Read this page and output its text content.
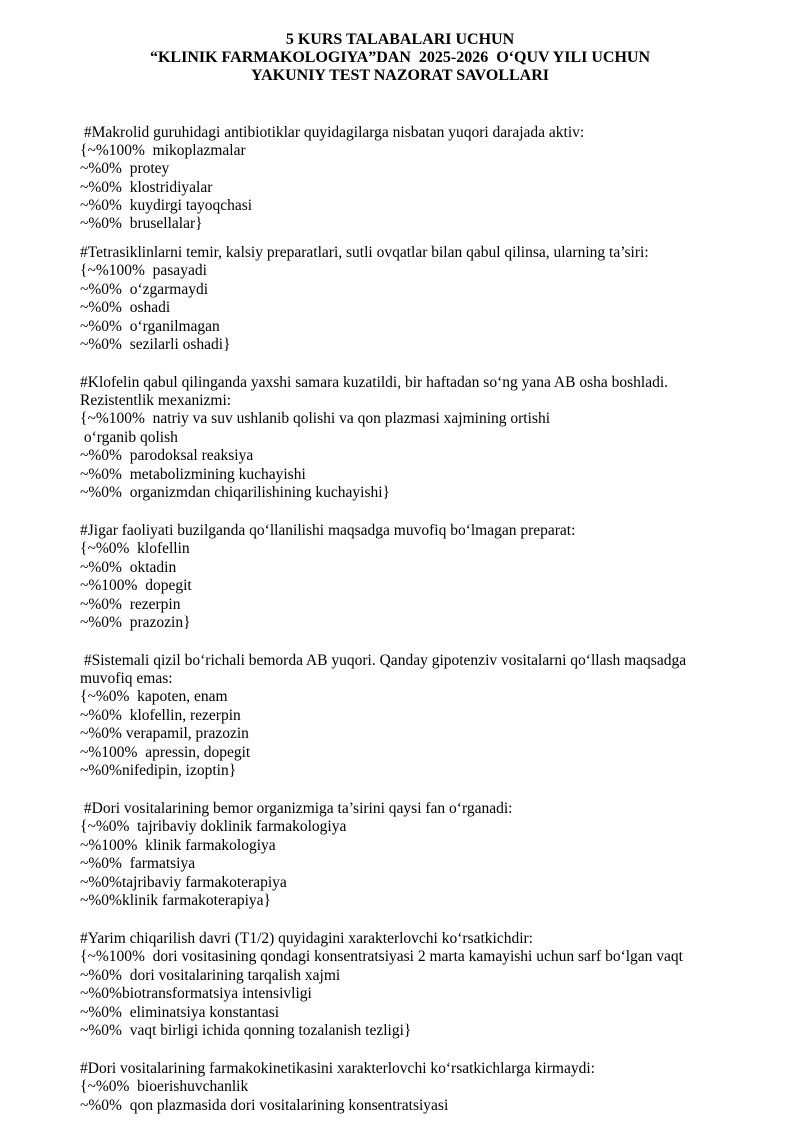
5 KURS TALABALARI UCHUN
“KLINIK FARMAKOLOGIYA”DAN  2025-2026  O‘QUV YILI UCHUN
YAKUNIY TEST NAZORAT SAVOLLARI
#Makrolid guruhidagi antibiotiklar quyidagilarga nisbatan yuqori darajada aktiv:
{~%100%  mikoplazmalar
~%0%  protey
~%0%  klostridiyalar
~%0%  kuydirgi tayoqchasi
~%0%  brusellalar}
#Tetrasiklinlarni temir, kalsiy preparatlari, sutli ovqatlar bilan qabul qilinsa, ularning ta’siri:
{~%100%  pasayadi
~%0%  o‘zgarmaydi
~%0%  oshadi
~%0%  o‘rganilmagan
~%0%  sezilarli oshadi}
#Klofelin qabul qilinganda yaxshi samara kuzatildi, bir haftadan so‘ng yana AB osha boshladi.
Rezistentlik mexanizmi:
{~%100%  natriy va suv ushlanib qolishi va qon plazmasi xajmining ortishi
o‘rganib qolish
~%0%  parodoksal reaksiya
~%0%  metabolizmining kuchayishi
~%0%  organizmdan chiqarilishining kuchayishi}
#Jigar faoliyati buzilganda qo‘llanilishi maqsadga muvofiq bo‘lmagan preparat:
{~%0%  klofellin
~%0%  oktadin
~%100%  dopegit
~%0%  rezerpin
~%0%  prazozin}
#Sistemali qizil bo‘richali bemorda AB yuqori. Qanday gipotenziv vositalarni qo‘llash maqsadga
muvofiq emas:
{~%0%  kapoten, enam
~%0%  klofellin, rezerpin
~%0% verapamil, prazozin
~%100%  apressin, dopegit
~%0%nifedipin, izoptin}
#Dori vositalarining bemor organizmiga ta’sirini qaysi fan o‘rganadi:
{~%0%  tajribaviy doklinik farmakologiya
~%100%  klinik farmakologiya
~%0%  farmatsiya
~%0%tajribaviy farmakoterapiya
~%0%klinik farmakoterapiya}
#Yarim chiqarilish davri (T1/2) quyidagini xarakterlovchi ko‘rsatkichdir:
{~%100%  dori vositasining qondagi konsentratsiyasi 2 marta kamayishi uchun sarf bo‘lgan vaqt
~%0%  dori vositalarining tarqalish xajmi
~%0%biotransformatsiya intensivligi
~%0%  eliminatsiya konstantasi
~%0%  vaqt birligi ichida qonning tozalanish tezligi}
#Dori vositalarining farmakokinetikasini xarakterlovchi ko‘rsatkichlarga kirmaydi:
{~%0%  bioerishuvchanlik
~%0%  qon plazmasida dori vositalarining konsentratsiyasi
